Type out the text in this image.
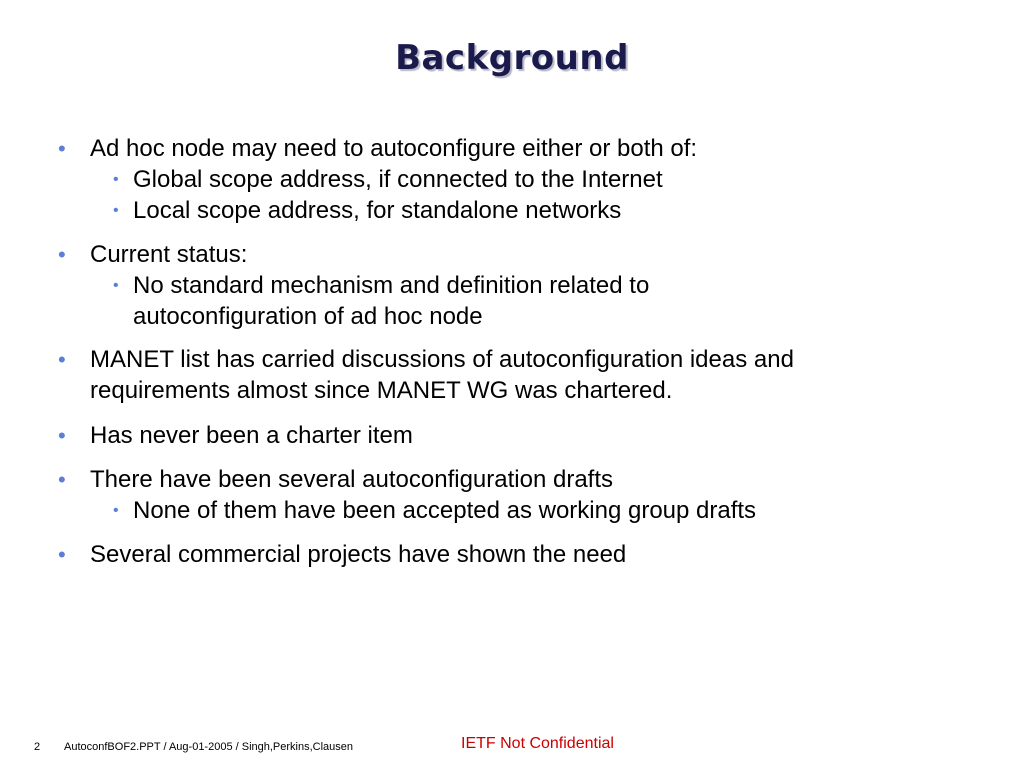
Background
• Ad hoc node may need to autoconfigure either or both of:
• Global scope address, if connected to the Internet
• Local scope address, for standalone networks
• Current status:
• No standard mechanism and definition related to
autoconfiguration of ad hoc node
• MANET list has carried discussions of autoconfiguration ideas and
requirements almost since MANET WG was chartered.
• Has never been a charter item
• There have been several autoconfiguration drafts
• None of them have been accepted as working group drafts
• Several commercial projects have shown the need
2 AutoconfBOF2.PPT / Aug-01-2005 / Singh,Perkins,Clausen	IETF Not Confidential
